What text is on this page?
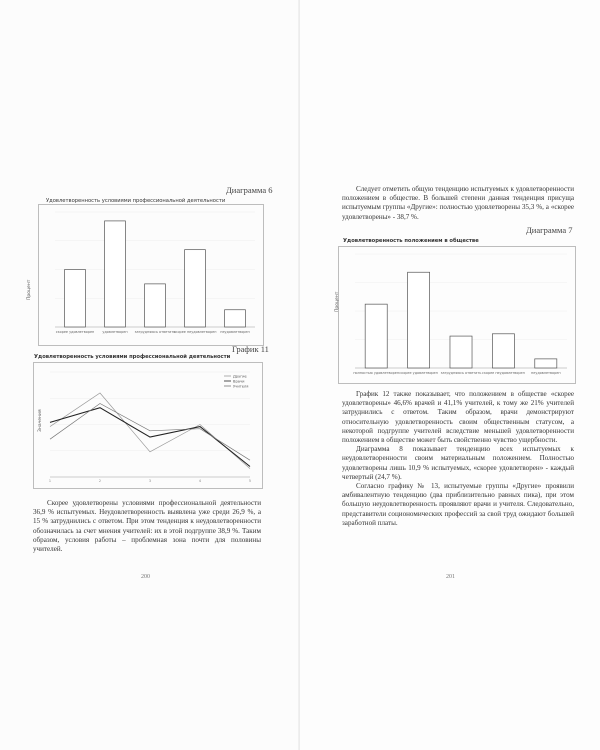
Диаграмма 6
Удовлетворенность условиями профессиональной деятельности
Процент
скорее удовлетворен удовлетворен затрудняюсь ответить
скорее неудовлетворен неудовлетворен
График 11
Удовлетворенность условиями профессиональной деятельности
Значения
Другие
Врачи
Учителя
1	2	3	4	5

Скорее удовлетворены условиями профессиональной деятельности 36,9 % испытуемых. Неудовлетворенность выявлена уже среди 26,9 %, а 15 % затруднились с ответом. При этом тенденция к неудовлетворенности обозначилась за счет мнения учителей: их в этой подгруппе 38,9 %. Таким образом, условия работы – проблемная зона почти для половины учителей.

200

Следует отметить общую тенденцию испытуемых к удовлетворенности положением в обществе. В большей степени данная тенденция присуща испытуемым группы «Другие»: полностью удовлетворены 35,3 %, а «скорее удовлетворены» - 38,7 %.

Диаграмма 7
Удовлетворенность положением в обществе
Процент
полностью удовлетворен скорее удовлетворен затрудняюсь ответить скорее неудовлетворен неудовлетворен

График 12 также показывает, что положением в обществе «скорее удовлетворены» 46,6% врачей и 41,1% учителей, к тому же 21% учителей затруднились с ответом. Таким образом, врачи демонстрируют относительную удовлетворенность своим общественным статусом, а некоторой подгруппе учителей вследствие меньшей удовлетворенности положением в обществе может быть свойственно чувство ущербности.

Диаграмма 8 показывает тенденцию всех испытуемых к неудовлетворенности своим материальным положением. Полностью удовлетворены лишь 10,9 % испытуемых, «скорее удовлетворен» - каждый четвертый (24,7 %).

Согласно графику № 13, испытуемые группы «Другие» проявили амбивалентную тенденцию (два приблизительно равных пика), при этом большую неудовлетворенность проявляют врачи и учителя. Следовательно, представители социономических профессий за свой труд ожидают большей заработной платы.

201
